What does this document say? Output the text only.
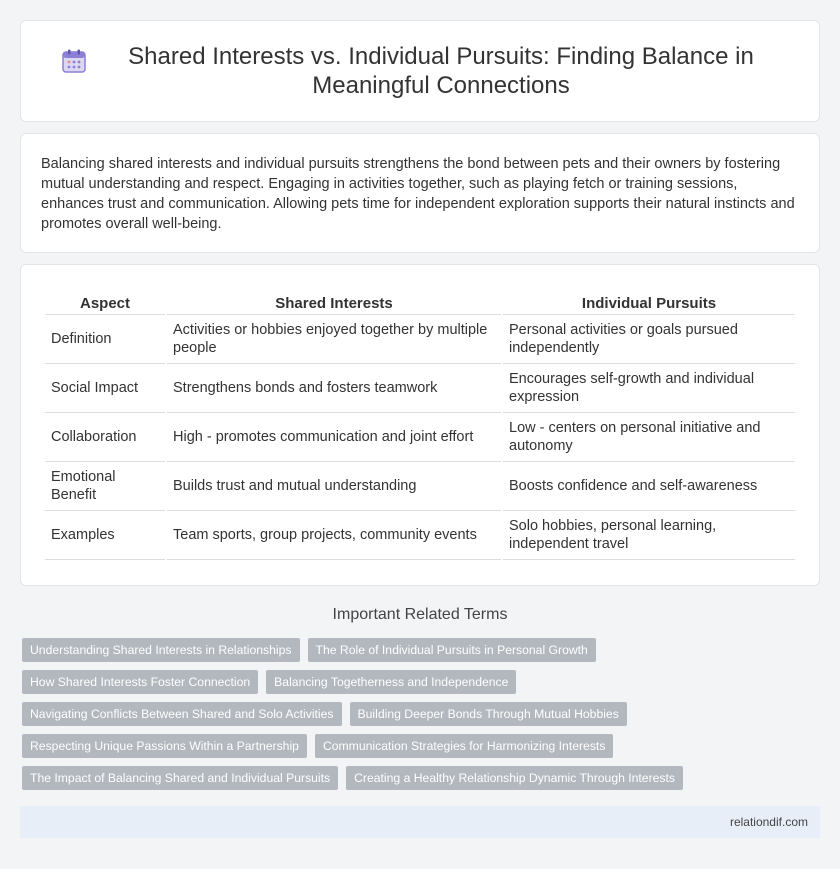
Shared Interests vs. Individual Pursuits: Finding Balance in Meaningful Connections

Balancing shared interests and individual pursuits strengthens the bond between pets and their owners by fostering mutual understanding and respect. Engaging in activities together, such as playing fetch or training sessions, enhances trust and communication. Allowing pets time for independent exploration supports their natural instincts and promotes overall well-being.

Aspect	Shared Interests	Individual Pursuits
Definition	Activities or hobbies enjoyed together by multiple people	Personal activities or goals pursued independently
Social Impact	Strengthens bonds and fosters teamwork	Encourages self-growth and individual expression
Collaboration	High - promotes communication and joint effort	Low - centers on personal initiative and autonomy
Emotional Benefit	Builds trust and mutual understanding	Boosts confidence and self-awareness
Examples	Team sports, group projects, community events	Solo hobbies, personal learning, independent travel
Important Related Terms
Understanding Shared Interests in Relationships	The Role of Individual Pursuits in Personal Growth
How Shared Interests Foster Connection	Balancing Togetherness and Independence
Navigating Conflicts Between Shared and Solo Activities	Building Deeper Bonds Through Mutual Hobbies
Respecting Unique Passions Within a Partnership	Communication Strategies for Harmonizing Interests
The Impact of Balancing Shared and Individual Pursuits	Creating a Healthy Relationship Dynamic Through Interests
relationdif.com
